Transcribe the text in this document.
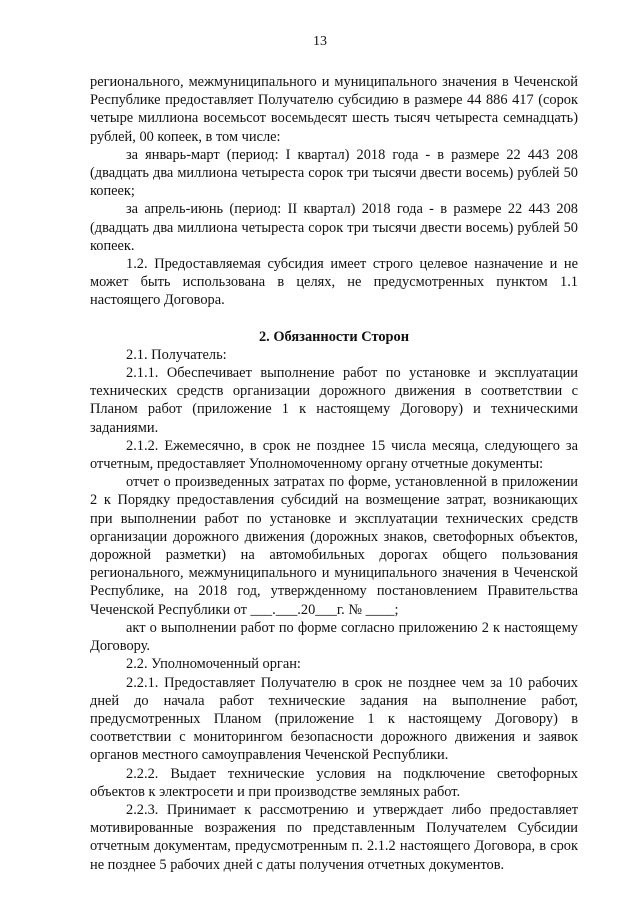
13

регионального, межмуниципального и муниципального значения в Чеченской Республике предоставляет Получателю субсидию в размере 44 886 417 (сорок четыре миллиона восемьсот восемьдесят шесть тысяч четыреста семнадцать) рублей, 00 копеек, в том числе:

за январь-март (период: I квартал) 2018 года - в размере 22 443 208 (двадцать два миллиона четыреста сорок три тысячи двести восемь) рублей 50 копеек;

за апрель-июнь (период: II квартал) 2018 года - в размере 22 443 208 (двадцать два миллиона четыреста сорок три тысячи двести восемь) рублей 50 копеек.

1.2. Предоставляемая субсидия имеет строго целевое назначение и не может быть использована в целях, не предусмотренных пунктом 1.1 настоящего Договора.

2. Обязанности Сторон

2.1. Получатель:

2.1.1. Обеспечивает выполнение работ по установке и эксплуатации технических средств организации дорожного движения в соответствии с Планом работ (приложение 1 к настоящему Договору) и техническими заданиями.

2.1.2. Ежемесячно, в срок не позднее 15 числа месяца, следующего за отчетным, предоставляет Уполномоченному органу отчетные документы:

отчет о произведенных затратах по форме, установленной в приложении 2 к Порядку предоставления субсидий на возмещение затрат, возникающих при выполнении работ по установке и эксплуатации технических средств организации дорожного движения (дорожных знаков, светофорных объектов, дорожной разметки) на автомобильных дорогах общего пользования регионального, межмуниципального и муниципального значения в Чеченской Республике, на 2018 год, утвержденному постановлением Правительства Чеченской Республики от ___.___.20___г. № ____;

акт о выполнении работ по форме согласно приложению 2 к настоящему Договору.

2.2. Уполномоченный орган:

2.2.1. Предоставляет Получателю в срок не позднее чем за 10 рабочих дней до начала работ технические задания на выполнение работ, предусмотренных Планом (приложение 1 к настоящему Договору) в соответствии с мониторингом безопасности дорожного движения и заявок органов местного самоуправления Чеченской Республики.

2.2.2. Выдает технические условия на подключение светофорных объектов к электросети и при производстве земляных работ.

2.2.3. Принимает к рассмотрению и утверждает либо предоставляет мотивированные возражения по представленным Получателем Субсидии отчетным документам, предусмотренным п. 2.1.2 настоящего Договора, в срок не позднее 5 рабочих дней с даты получения отчетных документов.
